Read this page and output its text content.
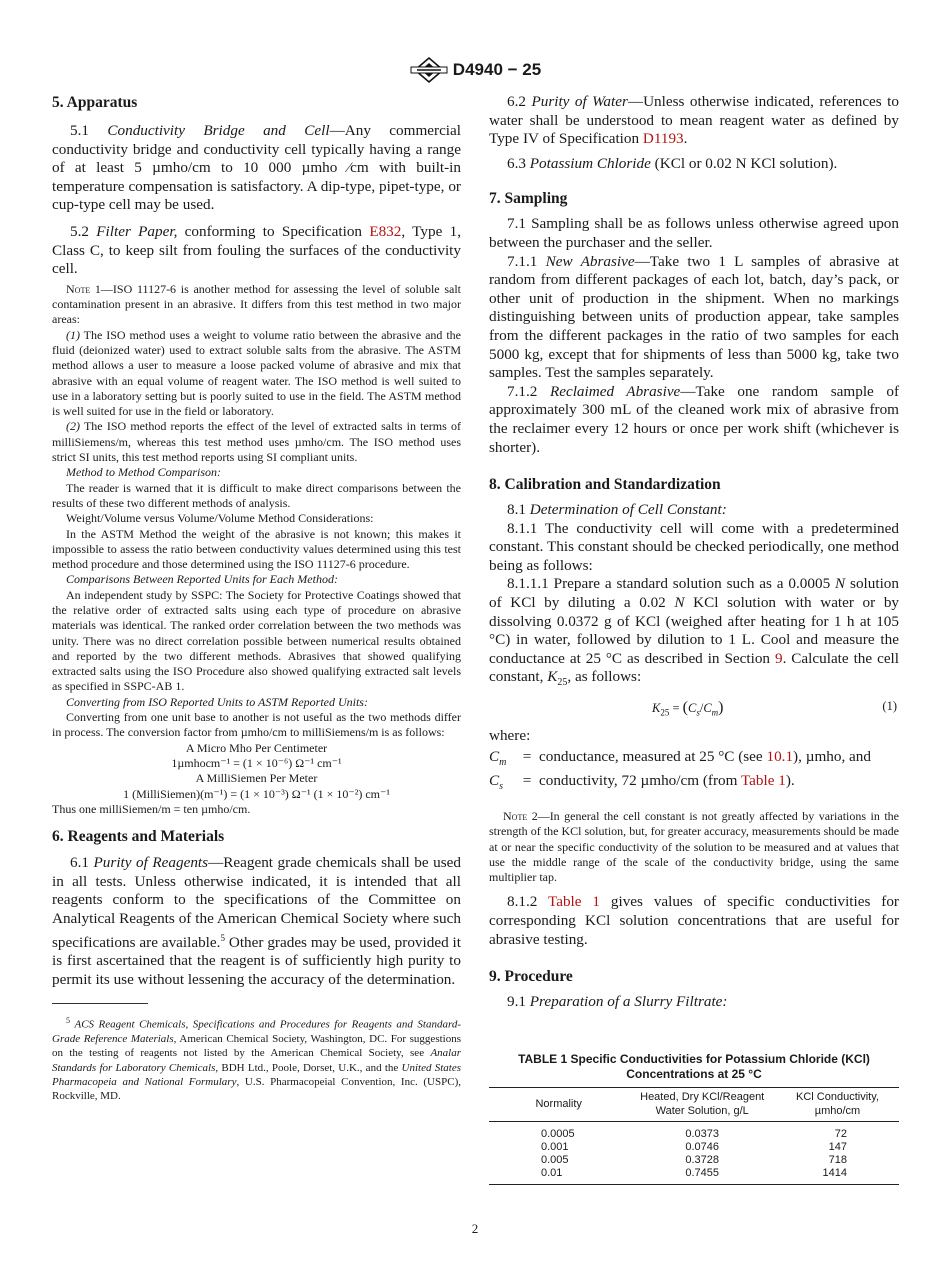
D4940 − 25

5. Apparatus

5.1 Conductivity Bridge and Cell—Any commercial conductivity bridge and conductivity cell typically having a range of at least 5 µmho/cm to 10 000 µmho ⁄cm with built-in temperature compensation is satisfactory. A dip-type, pipet-type, or cup-type cell may be used.

5.2 Filter Paper, conforming to Specification E832, Type 1, Class C, to keep silt from fouling the surfaces of the conductivity cell.

Note 1—ISO 11127-6 is another method for assessing the level of soluble salt contamination present in an abrasive. It differs from this test method in two major areas:

(1) The ISO method uses a weight to volume ratio between the abrasive and the fluid (deionized water) used to extract soluble salts from the abrasive. The ASTM method allows a user to measure a loose packed volume of abrasive and mix that abrasive with an equal volume of reagent water. The ISO method is well suited to use in a laboratory setting but is poorly suited to use in the field. The ASTM method is well suited for use in the field or laboratory.

(2) The ISO method reports the effect of the level of extracted salts in terms of milliSiemens/m, whereas this test method uses µmho/cm. The ISO method uses strict SI units, this test method reports using SI compliant units.

Method to Method Comparison:

The reader is warned that it is difficult to make direct comparisons between the results of these two different methods of analysis.

Weight/Volume versus Volume/Volume Method Considerations:

In the ASTM Method the weight of the abrasive is not known; this makes it impossible to assess the ratio between conductivity values determined using this test method procedure and those determined using the ISO 11127-6 procedure.

Comparisons Between Reported Units for Each Method:

An independent study by SSPC: The Society for Protective Coatings showed that the relative order of extracted salts using each type of procedure on abrasive materials was identical. The ranked order correlation between the two methods was unity. There was no direct correlation possible between numerical results obtained and reported by the two different methods. Abrasives that showed qualifying extracted salts using the ISO Procedure also showed qualifying extracted salt levels as specified in SSPC-AB 1.

Converting from ISO Reported Units to ASTM Reported Units:

Converting from one unit base to another is not useful as the two methods differ in process. The conversion factor from µmho/cm to milliSiemens/m is as follows:

A Micro Mho Per Centimeter

1µmhocm⁻¹ = (1 × 10⁻⁶) Ω⁻¹ cm⁻¹

A MilliSiemen Per Meter

1 (MilliSiemen)(m⁻¹) = (1 × 10⁻³) Ω⁻¹ (1 × 10⁻²) cm⁻¹

Thus one milliSiemen/m = ten µmho/cm.

6. Reagents and Materials

6.1 Purity of Reagents—Reagent grade chemicals shall be used in all tests. Unless otherwise indicated, it is intended that all reagents conform to the specifications of the Committee on Analytical Reagents of the American Chemical Society where such specifications are available.$^5$ Other grades may be used, provided it is first ascertained that the reagent is of sufficiently high purity to permit its use without lessening the accuracy of the determination.

$^5$ ACS Reagent Chemicals, Specifications and Procedures for Reagents and Standard-Grade Reference Materials, American Chemical Society, Washington, DC. For suggestions on the testing of reagents not listed by the American Chemical Society, see Analar Standards for Laboratory Chemicals, BDH Ltd., Poole, Dorset, U.K., and the United States Pharmacopeia and National Formulary, U.S. Pharmacopeial Convention, Inc. (USPC), Rockville, MD.

6.2 Purity of Water—Unless otherwise indicated, references to water shall be understood to mean reagent water as defined by Type IV of Specification D1193.

6.3 Potassium Chloride (KCl or 0.02 N KCl solution).

7. Sampling

7.1 Sampling shall be as follows unless otherwise agreed upon between the purchaser and the seller.

7.1.1 New Abrasive—Take two 1 L samples of abrasive at random from different packages of each lot, batch, day’s pack, or other unit of production in the shipment. When no markings distinguishing between units of production appear, take samples from the different packages in the ratio of two samples for each 5000 kg, except that for shipments of less than 5000 kg, take two samples. Test the samples separately.

7.1.2 Reclaimed Abrasive—Take one random sample of approximately 300 mL of the cleaned work mix of abrasive from the reclaimer every 12 hours or once per work shift (whichever is shorter).

8. Calibration and Standardization

8.1 Determination of Cell Constant:

8.1.1 The conductivity cell will come with a predetermined constant. This constant should be checked periodically, one method being as follows:

8.1.1.1 Prepare a standard solution such as a 0.0005 N solution of KCl by diluting a 0.02 N KCl solution with water or by dissolving 0.0372 g of KCl (weighed after heating for 1 h at 105 °C) in water, followed by dilution to 1 L. Cool and measure the conductance at 25 °C as described in Section 9. Calculate the cell constant, $K_{25}$, as follows:

$K_{25} = (C_s/C_m)$	(1)

where:

$C_m$	= conductance, measured at 25 °C (see 10.1), µmho, and
$C_s$	= conductivity, 72 µmho/cm (from Table 1).

Note 2—In general the cell constant is not greatly affected by variations in the strength of the KCl solution, but, for greater accuracy, measurements should be made at or near the specific conductivity of the solution to be measured and at values that use the middle range of the scale of the conductivity bridge, using the same multiplier tap.

8.1.2 Table 1 gives values of specific conductivities for corresponding KCl solution concentrations that are useful for abrasive testing.

9. Procedure

9.1 Preparation of a Slurry Filtrate:

TABLE 1 Specific Conductivities for Potassium Chloride (KCl)

Concentrations at 25 °C

Normality	Heated, Dry KCl/Reagent Water Solution, g/L	KCl Conductivity, µmho/cm

0.0005	0.0373	72
0.001	0.0746	147
0.005	0.3728	718
0.01	0.7455	1414
2
